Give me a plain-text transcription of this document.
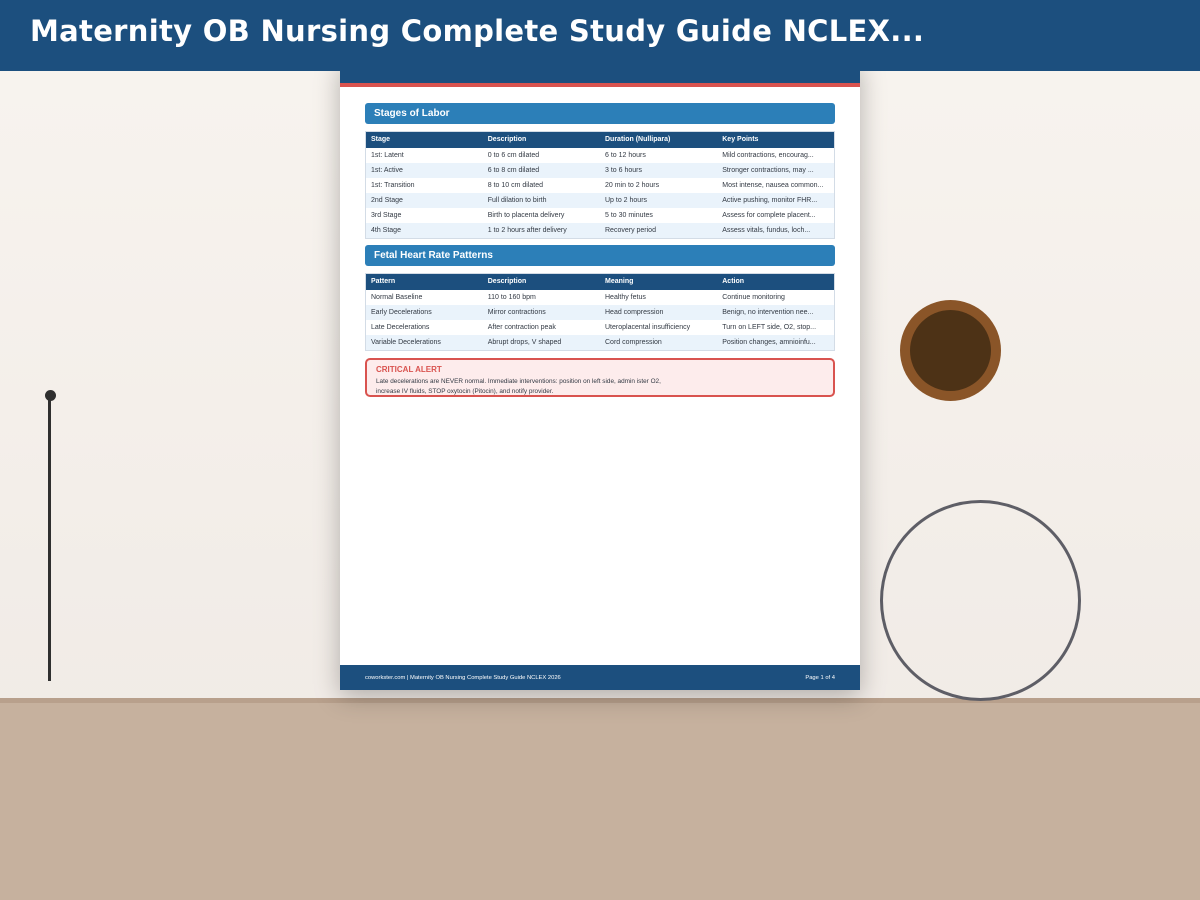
Maternity OB Nursing Complete Study Guide NCLEX...
Stages of Labor
Stage	Description	Duration (Nullipara)	Key Points
1st: Latent	0 to 6 cm dilated	6 to 12 hours	Mild contractions, encourag...
1st: Active	6 to 8 cm dilated	3 to 6 hours	Stronger contractions, may ...
1st: Transition	8 to 10 cm dilated	20 min to 2 hours	Most intense, nausea common...
2nd Stage	Full dilation to birth	Up to 2 hours	Active pushing, monitor FHR...
3rd Stage	Birth to placenta delivery	5 to 30 minutes	Assess for complete placent...
4th Stage	1 to 2 hours after delivery	Recovery period	Assess vitals, fundus, loch...
Fetal Heart Rate Patterns
Pattern	Description	Meaning	Action
Normal Baseline	110 to 160 bpm	Healthy fetus	Continue monitoring
Early Decelerations	Mirror contractions	Head compression	Benign, no intervention nee...
Late Decelerations	After contraction peak	Uteroplacental insufficiency	Turn on LEFT side, O2, stop...
Variable Decelerations	Abrupt drops, V shaped	Cord compression	Position changes, amnioinfu...
CRITICAL ALERT
Late decelerations are NEVER normal. Immediate interventions: position on left side, admin ister O2, increase IV fluids, STOP oxytocin (Pitocin), and notify provider.
coworkster.com | Maternity OB Nursing Complete Study Guide NCLEX 2026	Page 1 of 4
